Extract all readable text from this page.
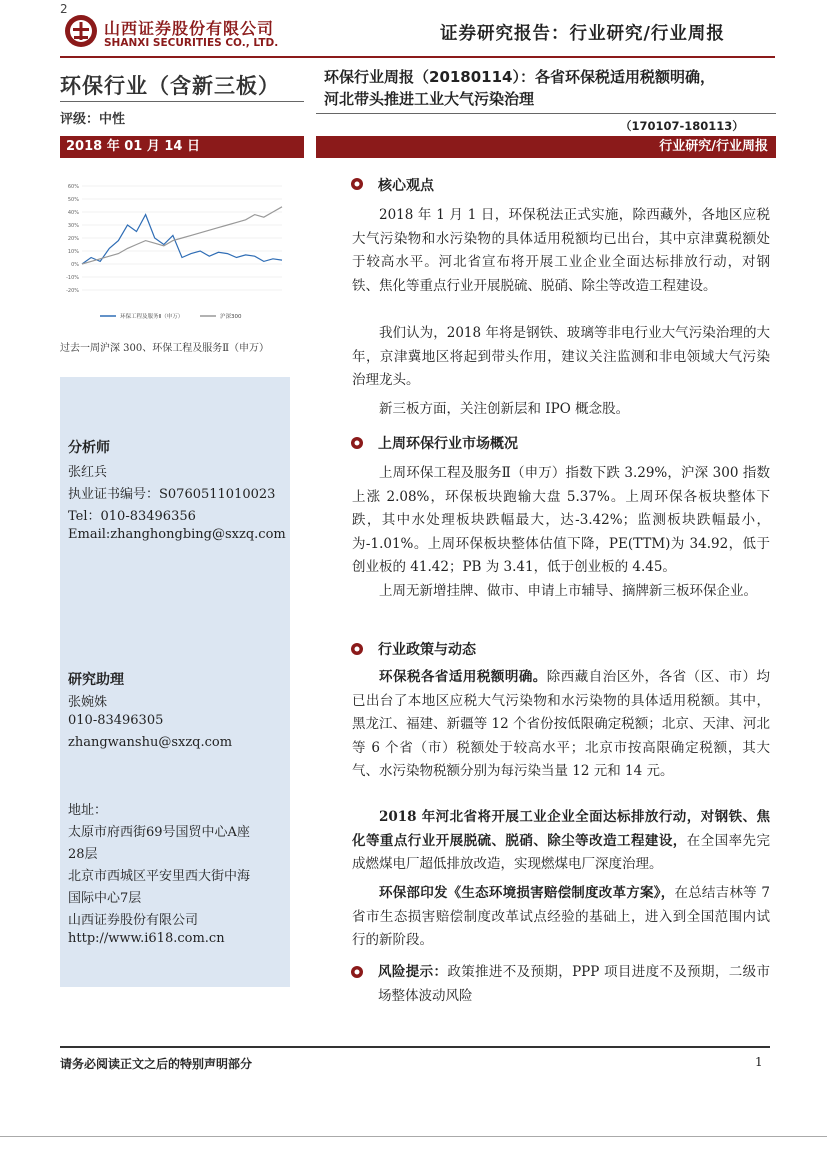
2
山西证券股份有限公司
SHANXI SECURITIES CO., LTD.	证券研究报告：行业研究/行业周报
环保行业（含新三板）
评级：中性
2018 年 01 月 14 日
-20%
-10%
0%
10%
20%
30%
40%
50%
60%
环保工程及服务Ⅱ（申万）	沪深300
过去一周沪深 300、环保工程及服务Ⅱ（申万）
分析师
张红兵
执业证书编号：S0760511010023
Tel：010-83496356
Email:zhanghongbing@sxzq.com
研究助理
张婉姝
010-83496305
zhangwanshu@sxzq.com
地址：
太原市府西街69号国贸中心A座
28层
北京市西城区平安里西大街中海
国际中心7层
山西证券股份有限公司
http://www.i618.com.cn
环保行业周报（20180114）：各省环保税适用税额明确，
河北带头推进工业大气污染治理
（170107-180113）
行业研究/行业周报
核心观点
2018 年 1 月 1 日，环保税法正式实施，除西藏外，各地区应税大气污染物和水污染物的具体适用税额均已出台，其中京津冀税额处于较高水平。河北省宣布将开展工业企业全面达标排放行动，对钢铁、焦化等重点行业开展脱硫、脱硝、除尘等改造工程建设。
我们认为，2018 年将是钢铁、玻璃等非电行业大气污染治理的大年，京津冀地区将起到带头作用，建议关注监测和非电领域大气污染治理龙头。
新三板方面，关注创新层和 IPO 概念股。
上周环保行业市场概况
上周环保工程及服务Ⅱ（申万）指数下跌 3.29%，沪深 300 指数上涨 2.08%，环保板块跑输大盘 5.37%。上周环保各板块整体下跌，其中水处理板块跌幅最大，达-3.42%；监测板块跌幅最小，为-1.01%。上周环保板块整体估值下降，PE(TTM)为 34.92，低于创业板的 41.42；PB 为 3.41，低于创业板的 4.45。
上周无新增挂牌、做市、申请上市辅导、摘牌新三板环保企业。
行业政策与动态
环保税各省适用税额明确。除西藏自治区外，各省（区、市）均已出台了本地区应税大气污染物和水污染物的具体适用税额。其中，黑龙江、福建、新疆等 12 个省份按低限确定税额；北京、天津、河北等 6 个省（市）税额处于较高水平；北京市按高限确定税额，其大气、水污染物税额分别为每污染当量 12 元和 14 元。
2018 年河北省将开展工业企业全面达标排放行动，对钢铁、焦化等重点行业开展脱硫、脱硝、除尘等改造工程建设，在全国率先完成燃煤电厂超低排放改造，实现燃煤电厂深度治理。
环保部印发《生态环境损害赔偿制度改革方案》，在总结吉林等 7 省市生态损害赔偿制度改革试点经验的基础上，进入到全国范围内试行的新阶段。
风险提示：政策推进不及预期，PPP 项目进度不及预期，二级市场整体波动风险
请务必阅读正文之后的特别声明部分	1
